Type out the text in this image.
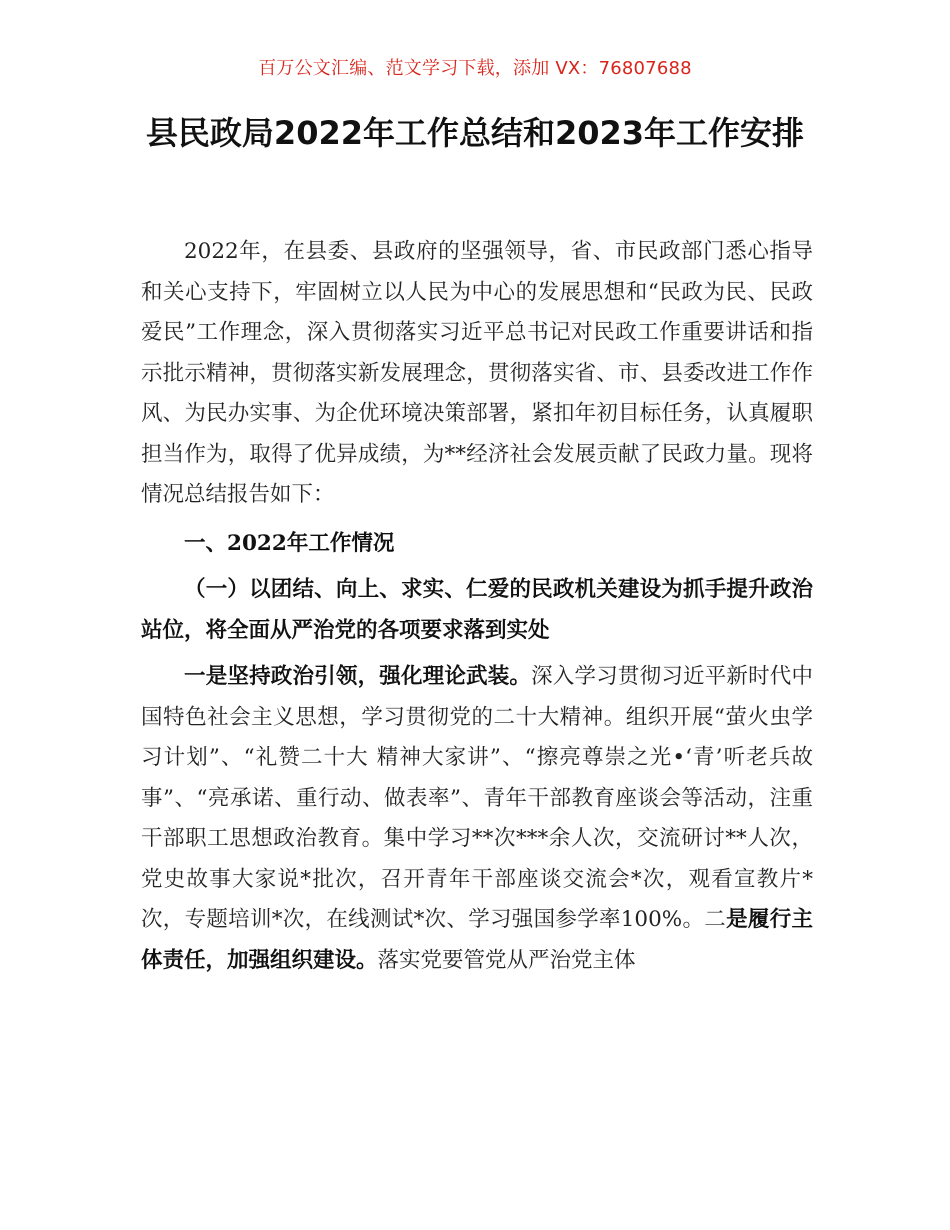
百万公文汇编、范文学习下载，添加 VX：76807688
县民政局2022年工作总结和2023年工作安排

2022年，在县委、县政府的坚强领导，省、市民政部门悉心指导和关心支持下，牢固树立以人民为中心的发展思想和“民政为民、民政爱民”工作理念，深入贯彻落实习近平总书记对民政工作重要讲话和指示批示精神，贯彻落实新发展理念，贯彻落实省、市、县委改进工作作风、为民办实事、为企优环境决策部署，紧扣年初目标任务，认真履职担当作为，取得了优异成绩，为**经济社会发展贡献了民政力量。现将情况总结报告如下：

一、2022年工作情况

（一）以团结、向上、求实、仁爱的民政机关建设为抓手提升政治站位，将全面从严治党的各项要求落到实处

一是坚持政治引领，强化理论武装。深入学习贯彻习近平新时代中国特色社会主义思想，学习贯彻党的二十大精神。组织开展“萤火虫学习计划”、“礼赞二十大 精神大家讲”、“擦亮尊崇之光•‘青’听老兵故事”、“亮承诺、重行动、做表率”、青年干部教育座谈会等活动，注重干部职工思想政治教育。集中学习**次***余人次，交流研讨**人次，党史故事大家说*批次，召开青年干部座谈交流会*次，观看宣教片*次，专题培训*次，在线测试*次、学习强国参学率100%。二是履行主体责任，加强组织建设。落实党要管党从严治党主体
